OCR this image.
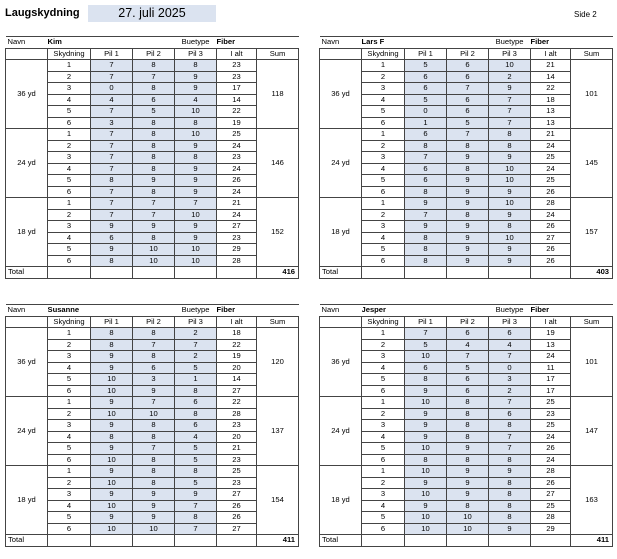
Laugskydning	27. juli 2025	Side 2
Navn	Kim			Buetype	Fiber	
	Skydning	Pil 1	Pil 2	Pil 3	I alt	Sum
36 yd	1	7	8	8	23	118
	2	7	7	9	23	
	3	0	8	9	17	
	4	4	6	4	14	
	5	7	5	10	22	
	6	3	8	8	19	
24 yd	1	7	8	10	25	146
	2	7	8	9	24	
	3	7	8	8	23	
	4	7	8	9	24	
	5	8	9	9	26	
	6	7	8	9	24	
18 yd	1	7	7	7	21	152
	2	7	7	10	24	
	3	9	9	9	27	
	4	6	8	9	23	
	5	9	10	10	29	
	6	8	10	10	28	
Total						416
Navn	Lars F			Buetype	Fiber	
	Skydning	Pil 1	Pil 2	Pil 3	I alt	Sum
36 yd	1	5	6	10	21	101
	2	6	6	2	14	
	3	6	7	9	22	
	4	5	6	7	18	
	5	0	6	7	13	
	6	1	5	7	13	
24 yd	1	6	7	8	21	145
	2	8	8	8	24	
	3	7	9	9	25	
	4	6	8	10	24	
	5	6	9	10	25	
	6	8	9	9	26	
18 yd	1	9	9	10	28	157
	2	7	8	9	24	
	3	9	9	8	26	
	4	8	9	10	27	
	5	8	9	9	26	
	6	8	9	9	26	
Total						403
Navn	Susanne			Buetype	Fiber	
	Skydning	Pil 1	Pil 2	Pil 3	I alt	Sum
36 yd	1	8	8	2	18	120
	2	8	7	7	22	
	3	9	8	2	19	
	4	9	6	5	20	
	5	10	3	1	14	
	6	10	9	8	27	
24 yd	1	9	7	6	22	137
	2	10	10	8	28	
	3	9	8	6	23	
	4	8	8	4	20	
	5	9	7	5	21	
	6	10	8	5	23	
18 yd	1	9	8	8	25	154
	2	10	8	5	23	
	3	9	9	9	27	
	4	10	9	7	26	
	5	9	9	8	26	
	6	10	10	7	27	
Total						411
Navn	Jesper			Buetype	Fiber	
	Skydning	Pil 1	Pil 2	Pil 3	I alt	Sum
36 yd	1	7	6	6	19	101
	2	5	4	4	13	
	3	10	7	7	24	
	4	6	5	0	11	
	5	8	6	3	17	
	6	9	6	2	17	
24 yd	1	10	8	7	25	147
	2	9	8	6	23	
	3	9	8	8	25	
	4	9	8	7	24	
	5	10	9	7	26	
	6	8	8	8	24	
18 yd	1	10	9	9	28	163
	2	9	9	8	26	
	3	10	9	8	27	
	4	9	8	8	25	
	5	10	10	8	28	
	6	10	10	9	29	
Total						411
